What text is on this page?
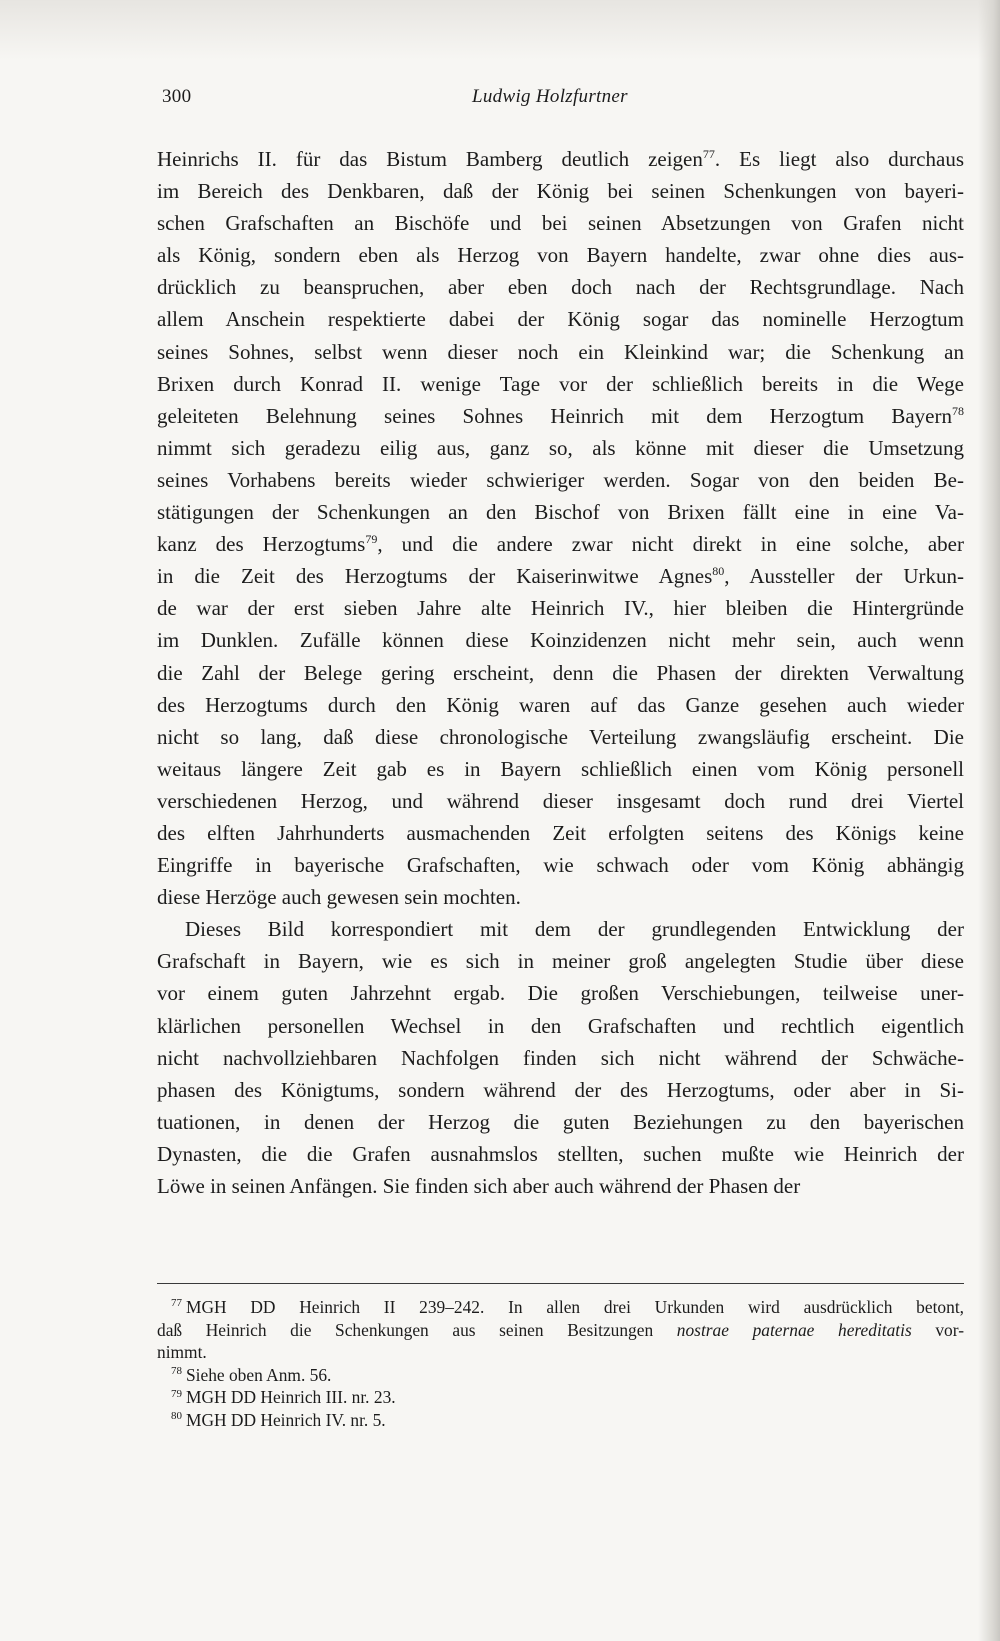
300	Ludwig Holzfurtner

Heinrichs II. für das Bistum Bamberg deutlich zeigen$^{77}$. Es liegt also durchaus
im Bereich des Denkbaren, daß der König bei seinen Schenkungen von bayeri-
schen Grafschaften an Bischöfe und bei seinen Absetzungen von Grafen nicht
als König, sondern eben als Herzog von Bayern handelte, zwar ohne dies aus-
drücklich zu beanspruchen, aber eben doch nach der Rechtsgrundlage. Nach
allem Anschein respektierte dabei der König sogar das nominelle Herzogtum
seines Sohnes, selbst wenn dieser noch ein Kleinkind war; die Schenkung an
Brixen durch Konrad II. wenige Tage vor der schließlich bereits in die Wege
geleiteten Belehnung seines Sohnes Heinrich mit dem Herzogtum Bayern$^{78}$
nimmt sich geradezu eilig aus, ganz so, als könne mit dieser die Umsetzung
seines Vorhabens bereits wieder schwieriger werden. Sogar von den beiden Be-
stätigungen der Schenkungen an den Bischof von Brixen fällt eine in eine Va-
kanz des Herzogtums$^{79}$, und die andere zwar nicht direkt in eine solche, aber
in die Zeit des Herzogtums der Kaiserinwitwe Agnes$^{80}$, Aussteller der Urkun-
de war der erst sieben Jahre alte Heinrich IV., hier bleiben die Hintergründe
im Dunklen. Zufälle können diese Koinzidenzen nicht mehr sein, auch wenn
die Zahl der Belege gering erscheint, denn die Phasen der direkten Verwaltung
des Herzogtums durch den König waren auf das Ganze gesehen auch wieder
nicht so lang, daß diese chronologische Verteilung zwangsläufig erscheint. Die
weitaus längere Zeit gab es in Bayern schließlich einen vom König personell
verschiedenen Herzog, und während dieser insgesamt doch rund drei Viertel
des elften Jahrhunderts ausmachenden Zeit erfolgten seitens des Königs keine
Eingriffe in bayerische Grafschaften, wie schwach oder vom König abhängig
diese Herzöge auch gewesen sein mochten.

Dieses Bild korrespondiert mit dem der grundlegenden Entwicklung der
Grafschaft in Bayern, wie es sich in meiner groß angelegten Studie über diese
vor einem guten Jahrzehnt ergab. Die großen Verschiebungen, teilweise uner-
klärlichen personellen Wechsel in den Grafschaften und rechtlich eigentlich
nicht nachvollziehbaren Nachfolgen finden sich nicht während der Schwäche-
phasen des Königtums, sondern während der des Herzogtums, oder aber in Si-
tuationen, in denen der Herzog die guten Beziehungen zu den bayerischen
Dynasten, die die Grafen ausnahmslos stellten, suchen mußte wie Heinrich der
Löwe in seinen Anfängen. Sie finden sich aber auch während der Phasen der

$^{77}$ MGH DD Heinrich II 239–242. In allen drei Urkunden wird ausdrücklich betont,
daß Heinrich die Schenkungen aus seinen Besitzungen nostrae paternae hereditatis vor-
nimmt.
$^{78}$ Siehe oben Anm. 56.
$^{79}$ MGH DD Heinrich III. nr. 23.
$^{80}$ MGH DD Heinrich IV. nr. 5.
